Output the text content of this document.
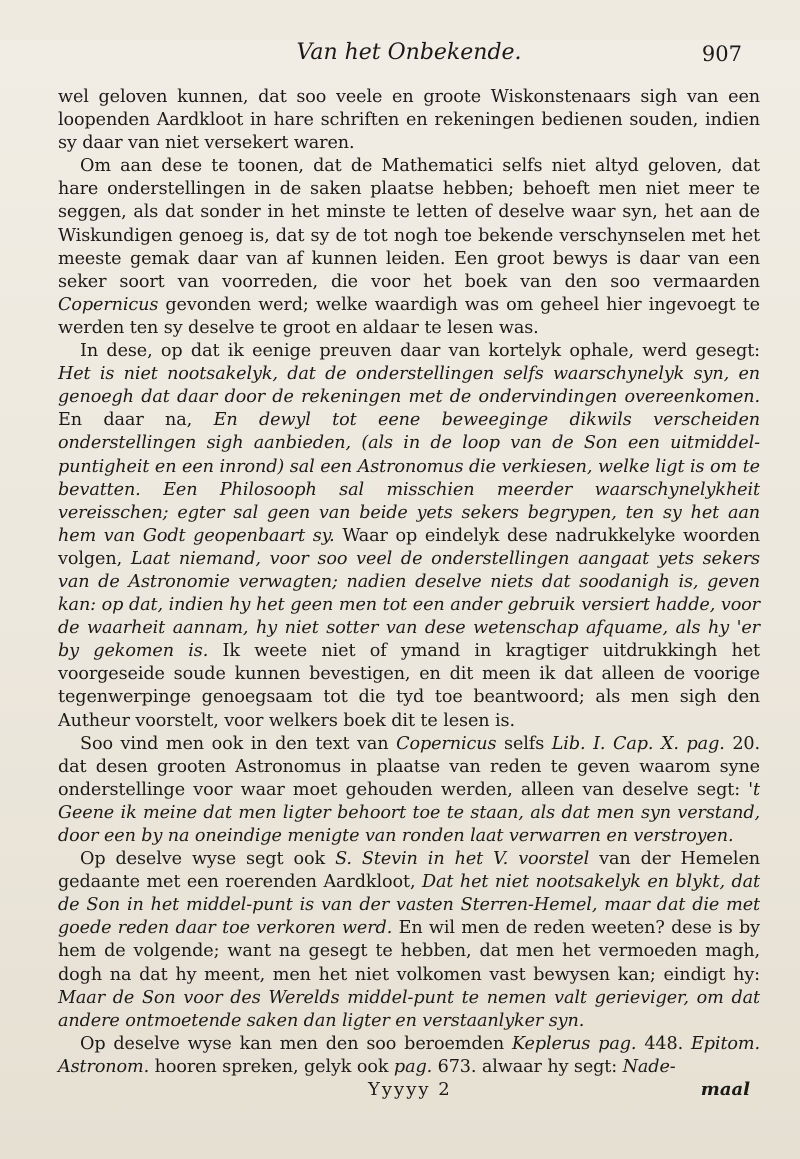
Van het Onbekende.	907

wel geloven kunnen, dat soo veele en groote Wiskonstenaars sigh van een loopenden Aardkloot in hare schriften en rekeningen bedienen souden, indien sy daar van niet versekert waren.

Om aan dese te toonen, dat de Mathematici selfs niet altyd geloven, dat hare onderstellingen in de saken plaatse hebben; behoeft men niet meer te seggen, als dat sonder in het minste te letten of deselve waar syn, het aan de Wiskundigen genoeg is, dat sy de tot nogh toe bekende verschynselen met het meeste gemak daar van af kunnen leiden. Een groot bewys is daar van een seker soort van voorreden, die voor het boek van den soo vermaarden Copernicus gevonden werd; welke waardigh was om geheel hier ingevoegt te werden ten sy deselve te groot en aldaar te lesen was.

In dese, op dat ik eenige preuven daar van kortelyk ophale, werd gesegt: Het is niet nootsakelyk, dat de onderstellingen selfs waarschynelyk syn, en genoegh dat daar door de rekeningen met de ondervindingen overeenkomen. En daar na, En dewyl tot eene beweeginge dikwils verscheiden onderstellingen sigh aanbieden, (als in de loop van de Son een uitmiddel-puntigheit en een inrond) sal een Astronomus die verkiesen, welke ligt is om te bevatten. Een Philosooph sal misschien meerder waarschynelykheit vereisschen; egter sal geen van beide yets sekers begrypen, ten sy het aan hem van Godt geopenbaart sy. Waar op eindelyk dese nadrukkelyke woorden volgen, Laat niemand, voor soo veel de onderstellingen aangaat yets sekers van de Astronomie verwagten; nadien deselve niets dat soodanigh is, geven kan: op dat, indien hy het geen men tot een ander gebruik versiert hadde, voor de waarheit aannam, hy niet sotter van dese wetenschap afquame, als hy 'er by gekomen is. Ik weete niet of ymand in kragtiger uitdrukkingh het voorgeseide soude kunnen bevestigen, en dit meen ik dat alleen de voorige tegenwerpinge genoegsaam tot die tyd toe beantwoord; als men sigh den Autheur voorstelt, voor welkers boek dit te lesen is.

Soo vind men ook in den text van Copernicus selfs Lib. I. Cap. X. pag. 20. dat desen grooten Astronomus in plaatse van reden te geven waarom syne onderstellinge voor waar moet gehouden werden, alleen van deselve segt: 't Geene ik meine dat men ligter behoort toe te staan, als dat men syn verstand, door een by na oneindige menigte van ronden laat verwarren en verstroyen.

Op deselve wyse segt ook S. Stevin in het V. voorstel van der Hemelen gedaante met een roerenden Aardkloot, Dat het niet nootsakelyk en blykt, dat de Son in het middel-punt is van der vasten Sterren-Hemel, maar dat die met goede reden daar toe verkoren werd. En wil men de reden weeten? dese is by hem de volgende; want na gesegt te hebben, dat men het vermoeden magh, dogh na dat hy meent, men het niet volkomen vast bewysen kan; eindigt hy: Maar de Son voor des Werelds middel-punt te nemen valt gerieviger, om dat andere ontmoetende saken dan ligter en verstaanlyker syn.

Op deselve wyse kan men den soo beroemden Keplerus pag. 448. Epitom. Astronom. hooren spreken, gelyk ook pag. 673. alwaar hy segt: Nade-

Yyyyy 2	maal
